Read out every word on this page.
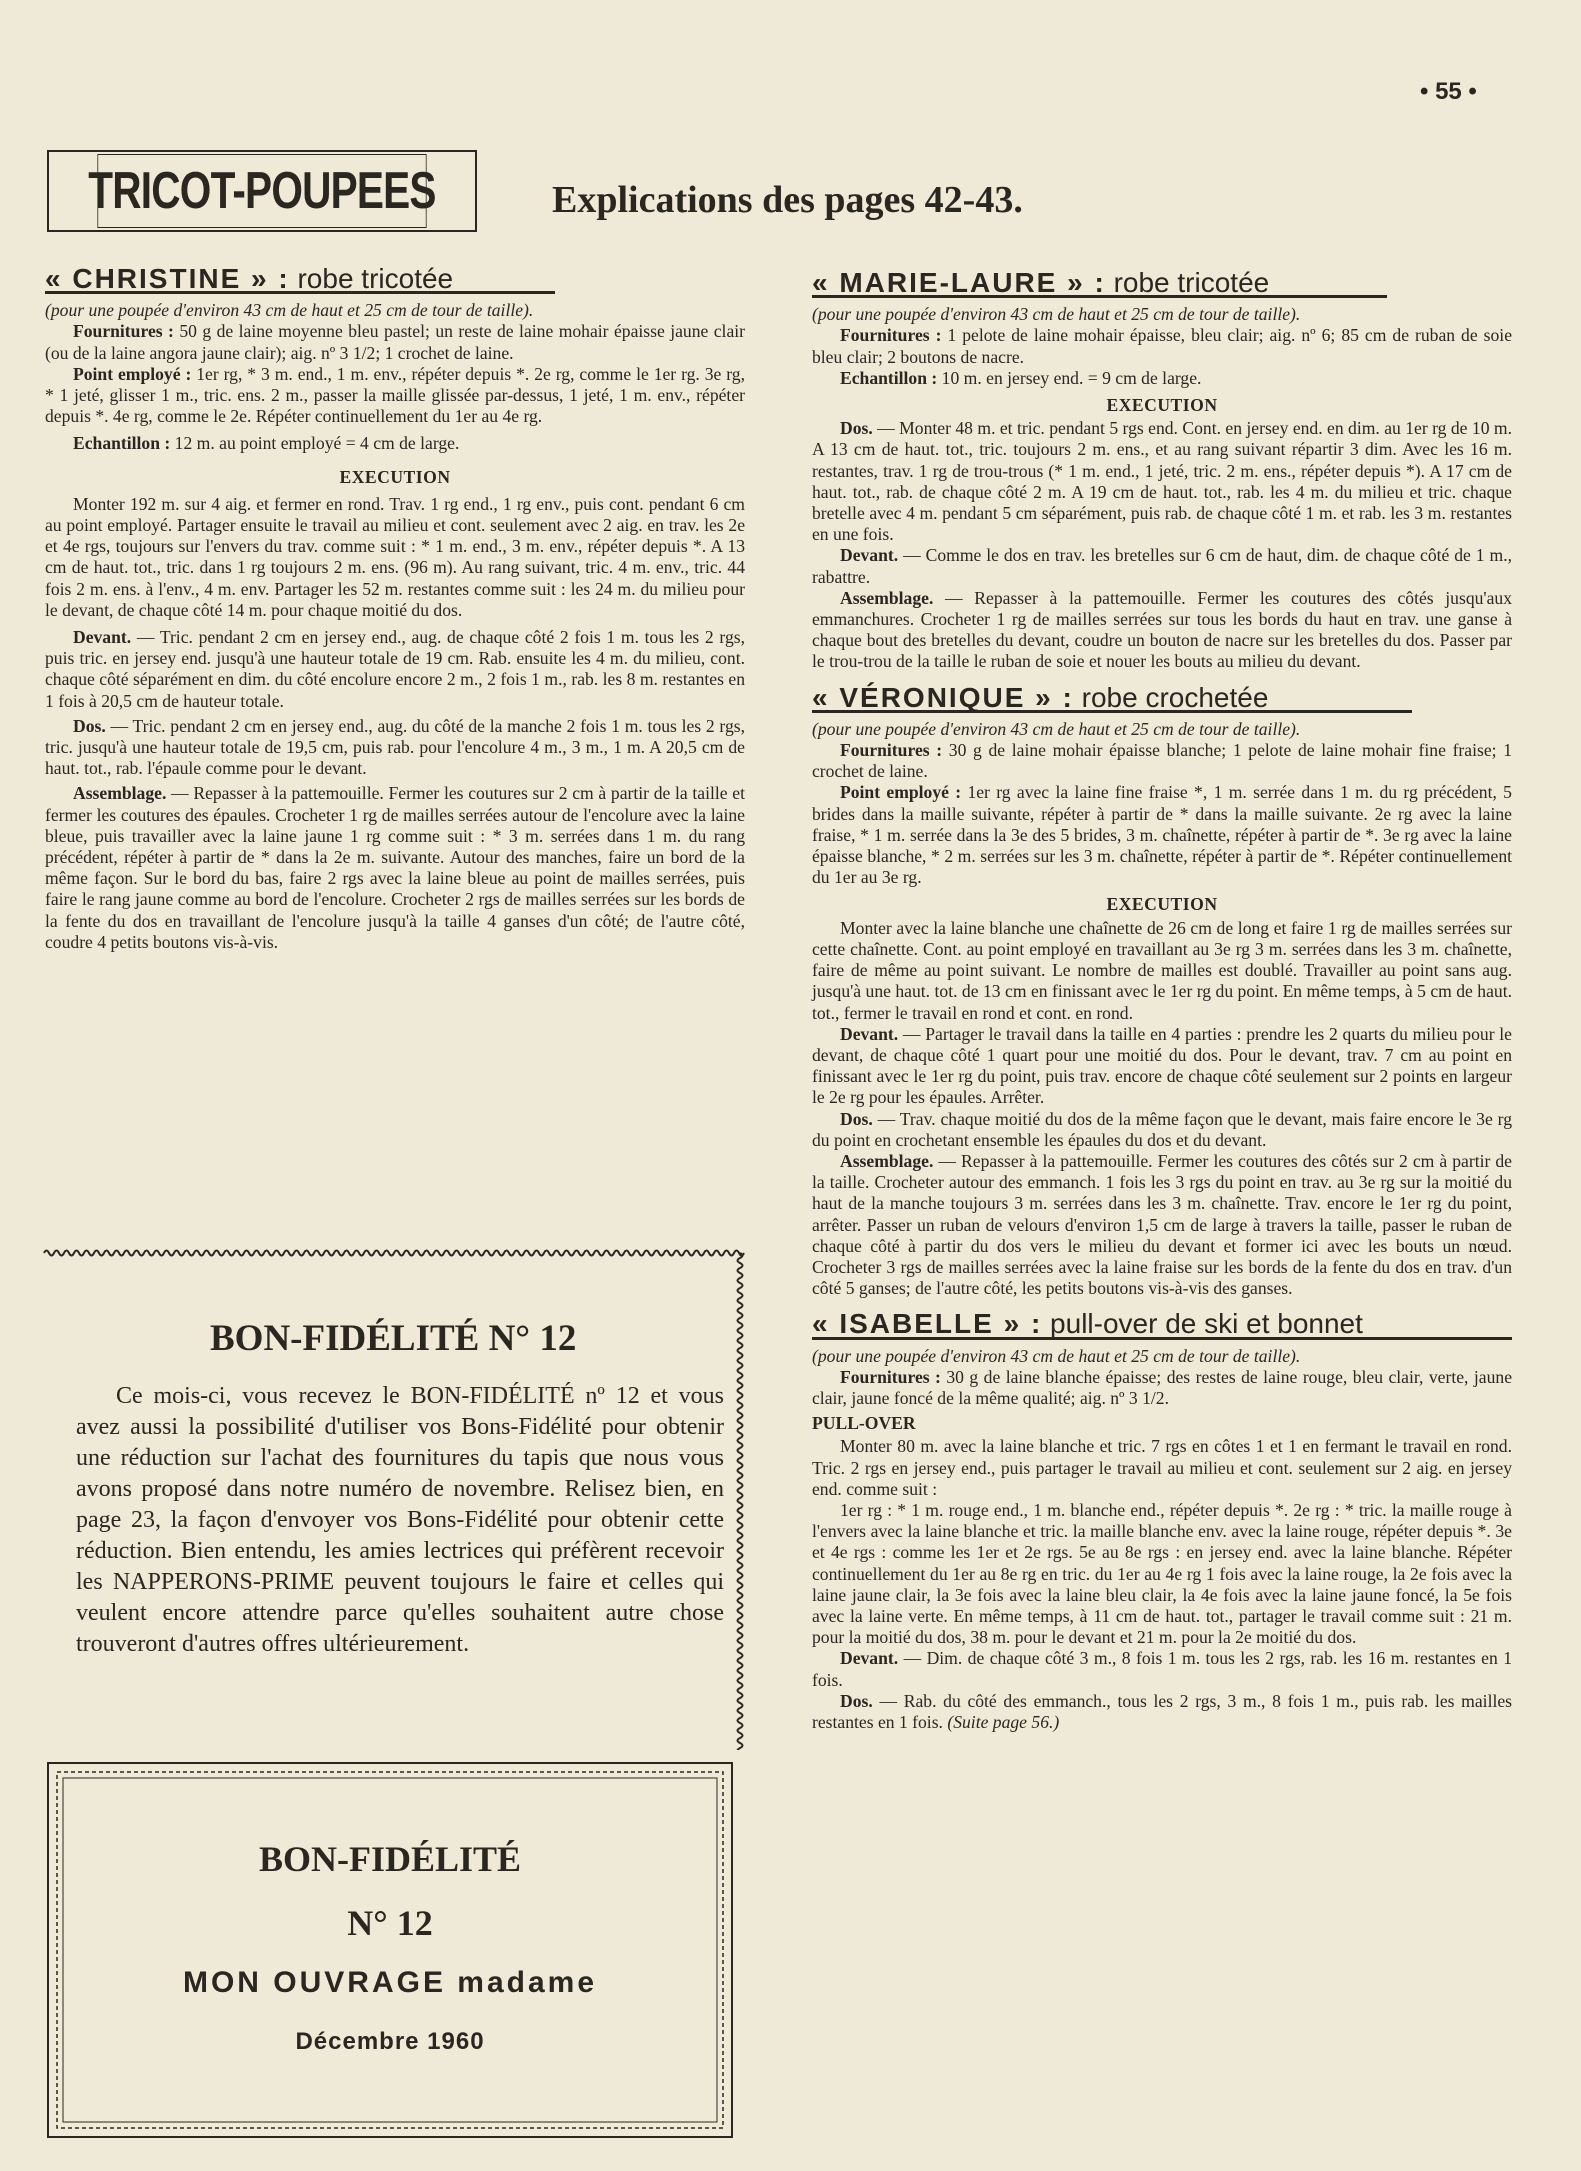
• 55 •
TRICOT-POUPEES	Explications des pages 42-43.
« CHRISTINE » : robe tricotée

(pour une poupée d'environ 43 cm de haut et 25 cm de tour de taille).

Fournitures : 50 g de laine moyenne bleu pastel; un reste de laine mohair épaisse jaune clair (ou de la laine angora jaune clair); aig. nº 3 1/2; 1 crochet de laine.

Point employé : 1er rg, * 3 m. end., 1 m. env., répéter depuis *. 2e rg, comme le 1er rg. 3e rg, * 1 jeté, glisser 1 m., tric. ens. 2 m., passer la maille glissée par-dessus, 1 jeté, 1 m. env., répéter depuis *. 4e rg, comme le 2e. Répéter continuellement du 1er au 4e rg.

Echantillon : 12 m. au point employé = 4 cm de large.

EXECUTION

Monter 192 m. sur 4 aig. et fermer en rond. Trav. 1 rg end., 1 rg env., puis cont. pendant 6 cm au point employé. Partager ensuite le travail au milieu et cont. seulement avec 2 aig. en trav. les 2e et 4e rgs, toujours sur l'envers du trav. comme suit : * 1 m. end., 3 m. env., répéter depuis *. A 13 cm de haut. tot., tric. dans 1 rg toujours 2 m. ens. (96 m). Au rang suivant, tric. 4 m. env., tric. 44 fois 2 m. ens. à l'env., 4 m. env. Partager les 52 m. restantes comme suit : les 24 m. du milieu pour le devant, de chaque côté 14 m. pour chaque moitié du dos.

Devant. — Tric. pendant 2 cm en jersey end., aug. de chaque côté 2 fois 1 m. tous les 2 rgs, puis tric. en jersey end. jusqu'à une hauteur totale de 19 cm. Rab. ensuite les 4 m. du milieu, cont. chaque côté séparément en dim. du côté encolure encore 2 m., 2 fois 1 m., rab. les 8 m. restantes en 1 fois à 20,5 cm de hauteur totale.

Dos. — Tric. pendant 2 cm en jersey end., aug. du côté de la manche 2 fois 1 m. tous les 2 rgs, tric. jusqu'à une hauteur totale de 19,5 cm, puis rab. pour l'encolure 4 m., 3 m., 1 m. A 20,5 cm de haut. tot., rab. l'épaule comme pour le devant.

Assemblage. — Repasser à la pattemouille. Fermer les coutures sur 2 cm à partir de la taille et fermer les coutures des épaules. Crocheter 1 rg de mailles serrées autour de l'encolure avec la laine bleue, puis travailler avec la laine jaune 1 rg comme suit : * 3 m. serrées dans 1 m. du rang précédent, répéter à partir de * dans la 2e m. suivante. Autour des manches, faire un bord de la même façon. Sur le bord du bas, faire 2 rgs avec la laine bleue au point de mailles serrées, puis faire le rang jaune comme au bord de l'encolure. Crocheter 2 rgs de mailles serrées sur les bords de la fente du dos en travaillant de l'encolure jusqu'à la taille 4 ganses d'un côté; de l'autre côté, coudre 4 petits boutons vis-à-vis.

BON-FIDÉLITÉ N° 12
Ce mois-ci, vous recevez le BON-FIDÉLITÉ nº 12 et vous avez aussi la possibilité d'utiliser vos Bons-Fidélité pour obtenir une réduction sur l'achat des fournitures du tapis que nous vous avons proposé dans notre numéro de novembre. Relisez bien, en page 23, la façon d'envoyer vos Bons-Fidélité pour obtenir cette réduction. Bien entendu, les amies lectrices qui préfèrent recevoir les NAPPERONS-PRIME peuvent toujours le faire et celles qui veulent encore attendre parce qu'elles souhaitent autre chose trouveront d'autres offres ultérieurement.
BON-FIDÉLITÉ
N° 12
MON OUVRAGE madame
Décembre 1960
« MARIE-LAURE » : robe tricotée

(pour une poupée d'environ 43 cm de haut et 25 cm de tour de taille).

Fournitures : 1 pelote de laine mohair épaisse, bleu clair; aig. nº 6; 85 cm de ruban de soie bleu clair; 2 boutons de nacre.

Echantillon : 10 m. en jersey end. = 9 cm de large.

EXECUTION

Dos. — Monter 48 m. et tric. pendant 5 rgs end. Cont. en jersey end. en dim. au 1er rg de 10 m. A 13 cm de haut. tot., tric. toujours 2 m. ens., et au rang suivant répartir 3 dim. Avec les 16 m. restantes, trav. 1 rg de trou-trous (* 1 m. end., 1 jeté, tric. 2 m. ens., répéter depuis *). A 17 cm de haut. tot., rab. de chaque côté 2 m. A 19 cm de haut. tot., rab. les 4 m. du milieu et tric. chaque bretelle avec 4 m. pendant 5 cm séparément, puis rab. de chaque côté 1 m. et rab. les 3 m. restantes en une fois.

Devant. — Comme le dos en trav. les bretelles sur 6 cm de haut, dim. de chaque côté de 1 m., rabattre.

Assemblage. — Repasser à la pattemouille. Fermer les coutures des côtés jusqu'aux emmanchures. Crocheter 1 rg de mailles serrées sur tous les bords du haut en trav. une ganse à chaque bout des bretelles du devant, coudre un bouton de nacre sur les bretelles du dos. Passer par le trou-trou de la taille le ruban de soie et nouer les bouts au milieu du devant.

« VÉRONIQUE » : robe crochetée

(pour une poupée d'environ 43 cm de haut et 25 cm de tour de taille).

Fournitures : 30 g de laine mohair épaisse blanche; 1 pelote de laine mohair fine fraise; 1 crochet de laine.

Point employé : 1er rg avec la laine fine fraise *, 1 m. serrée dans 1 m. du rg précédent, 5 brides dans la maille suivante, répéter à partir de * dans la maille suivante. 2e rg avec la laine fraise, * 1 m. serrée dans la 3e des 5 brides, 3 m. chaînette, répéter à partir de *. 3e rg avec la laine épaisse blanche, * 2 m. serrées sur les 3 m. chaînette, répéter à partir de *. Répéter continuellement du 1er au 3e rg.

EXECUTION

Monter avec la laine blanche une chaînette de 26 cm de long et faire 1 rg de mailles serrées sur cette chaînette. Cont. au point employé en travaillant au 3e rg 3 m. serrées dans les 3 m. chaînette, faire de même au point suivant. Le nombre de mailles est doublé. Travailler au point sans aug. jusqu'à une haut. tot. de 13 cm en finissant avec le 1er rg du point. En même temps, à 5 cm de haut. tot., fermer le travail en rond et cont. en rond.

Devant. — Partager le travail dans la taille en 4 parties : prendre les 2 quarts du milieu pour le devant, de chaque côté 1 quart pour une moitié du dos. Pour le devant, trav. 7 cm au point en finissant avec le 1er rg du point, puis trav. encore de chaque côté seulement sur 2 points en largeur le 2e rg pour les épaules. Arrêter.

Dos. — Trav. chaque moitié du dos de la même façon que le devant, mais faire encore le 3e rg du point en crochetant ensemble les épaules du dos et du devant.

Assemblage. — Repasser à la pattemouille. Fermer les coutures des côtés sur 2 cm à partir de la taille. Crocheter autour des emmanch. 1 fois les 3 rgs du point en trav. au 3e rg sur la moitié du haut de la manche toujours 3 m. serrées dans les 3 m. chaînette. Trav. encore le 1er rg du point, arrêter. Passer un ruban de velours d'environ 1,5 cm de large à travers la taille, passer le ruban de chaque côté à partir du dos vers le milieu du devant et former ici avec les bouts un nœud. Crocheter 3 rgs de mailles serrées avec la laine fraise sur les bords de la fente du dos en trav. d'un côté 5 ganses; de l'autre côté, les petits boutons vis-à-vis des ganses.

« ISABELLE » : pull-over de ski et bonnet

(pour une poupée d'environ 43 cm de haut et 25 cm de tour de taille).

Fournitures : 30 g de laine blanche épaisse; des restes de laine rouge, bleu clair, verte, jaune clair, jaune foncé de la même qualité; aig. nº 3 1/2.

PULL-OVER

Monter 80 m. avec la laine blanche et tric. 7 rgs en côtes 1 et 1 en fermant le travail en rond. Tric. 2 rgs en jersey end., puis partager le travail au milieu et cont. seulement sur 2 aig. en jersey end. comme suit :

1er rg : * 1 m. rouge end., 1 m. blanche end., répéter depuis *. 2e rg : * tric. la maille rouge à l'envers avec la laine blanche et tric. la maille blanche env. avec la laine rouge, répéter depuis *. 3e et 4e rgs : comme les 1er et 2e rgs. 5e au 8e rgs : en jersey end. avec la laine blanche. Répéter continuellement du 1er au 8e rg en tric. du 1er au 4e rg 1 fois avec la laine rouge, la 2e fois avec la laine jaune clair, la 3e fois avec la laine bleu clair, la 4e fois avec la laine jaune foncé, la 5e fois avec la laine verte. En même temps, à 11 cm de haut. tot., partager le travail comme suit : 21 m. pour la moitié du dos, 38 m. pour le devant et 21 m. pour la 2e moitié du dos.

Devant. — Dim. de chaque côté 3 m., 8 fois 1 m. tous les 2 rgs, rab. les 16 m. restantes en 1 fois.

Dos. — Rab. du côté des emmanch., tous les 2 rgs, 3 m., 8 fois 1 m., puis rab. les mailles restantes en 1 fois. (Suite page 56.)
